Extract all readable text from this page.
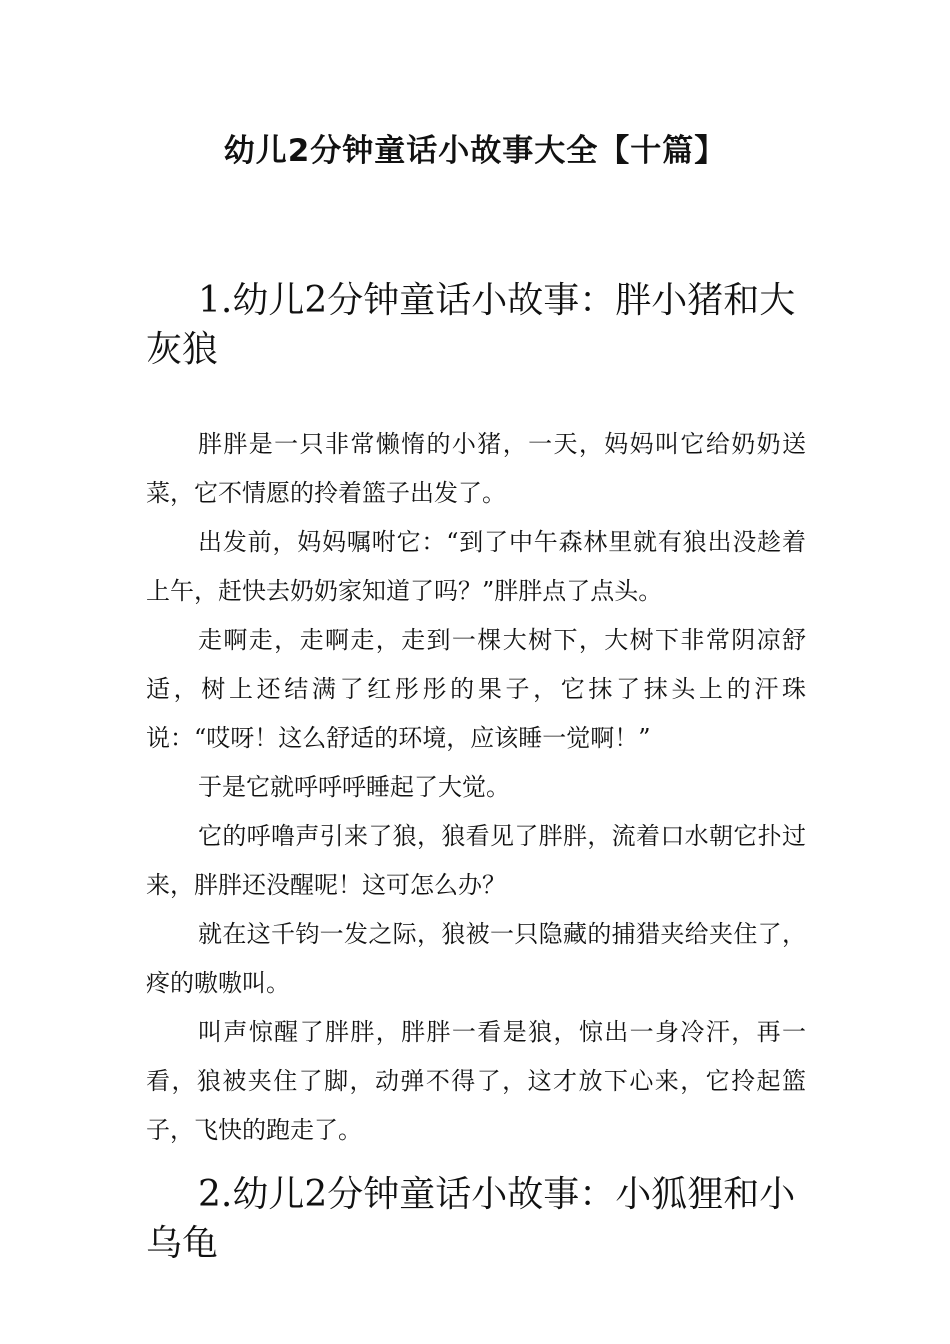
幼儿2分钟童话小故事大全【十篇】
1.幼儿2分钟童话小故事：胖小猪和大灰狼

胖胖是一只非常懒惰的小猪，一天，妈妈叫它给奶奶送菜，它不情愿的拎着篮子出发了。

出发前，妈妈嘱咐它：“到了中午森林里就有狼出没趁着上午，赶快去奶奶家知道了吗？”胖胖点了点头。

走啊走，走啊走，走到一棵大树下，大树下非常阴凉舒适，树上还结满了红彤彤的果子，它抹了抹头上的汗珠说：“哎呀！这么舒适的环境，应该睡一觉啊！”

于是它就呼呼呼睡起了大觉。

它的呼噜声引来了狼，狼看见了胖胖，流着口水朝它扑过来，胖胖还没醒呢！这可怎么办？

就在这千钧一发之际，狼被一只隐藏的捕猎夹给夹住了，疼的嗷嗷叫。

叫声惊醒了胖胖，胖胖一看是狼，惊出一身冷汗，再一看，狼被夹住了脚，动弹不得了，这才放下心来，它拎起篮子，飞快的跑走了。

2.幼儿2分钟童话小故事：小狐狸和小乌龟
